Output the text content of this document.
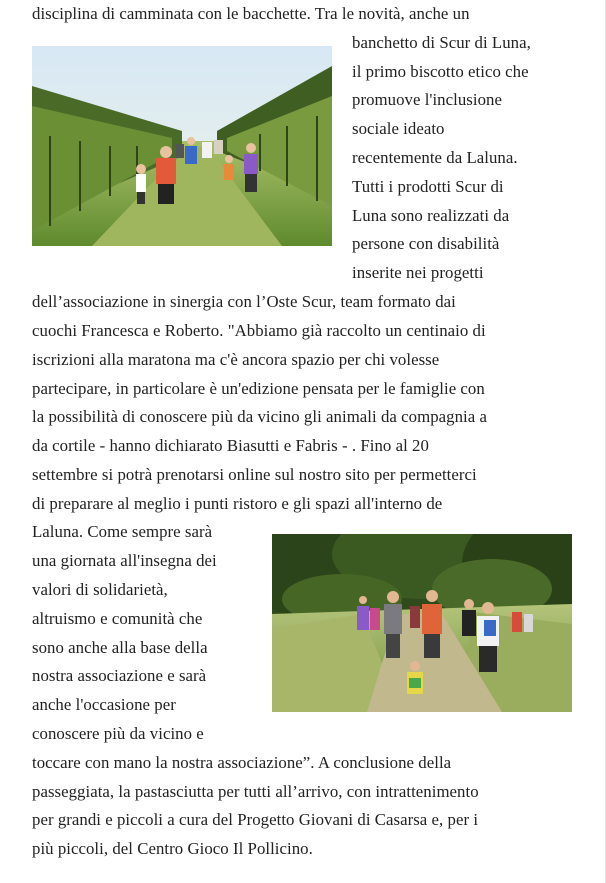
disciplina di camminata con le bacchette. Tra le novità, anche un
banchetto di Scur di Luna,
il primo biscotto etico che
promuove l'inclusione
sociale ideato
recentemente da Laluna.
Tutti i prodotti Scur di
Luna sono realizzati da
persone con disabilità
inserite nei progetti
dell’associazione in sinergia con l’Oste Scur, team formato dai
cuochi Francesca e Roberto. "Abbiamo già raccolto un centinaio di
iscrizioni alla maratona ma c'è ancora spazio per chi volesse
partecipare, in particolare è un'edizione pensata per le famiglie con
la possibilità di conoscere più da vicino gli animali da compagnia a
da cortile - hanno dichiarato Biasutti e Fabris - . Fino al 20
settembre si potrà prenotarsi online sul nostro sito per permetterci
di preparare al meglio i punti ristoro e gli spazi all'interno de
Laluna. Come sempre sarà
una giornata all'insegna dei
valori di solidarietà,
altruismo e comunità che
sono anche alla base della
nostra associazione e sarà
anche l'occasione per
conoscere più da vicino e
toccare con mano la nostra associazione”. A conclusione della
passeggiata, la pastasciutta per tutti all’arrivo, con intrattenimento
per grandi e piccoli a cura del Progetto Giovani di Casarsa e, per i
più piccoli, del Centro Gioco Il Pollicino.
